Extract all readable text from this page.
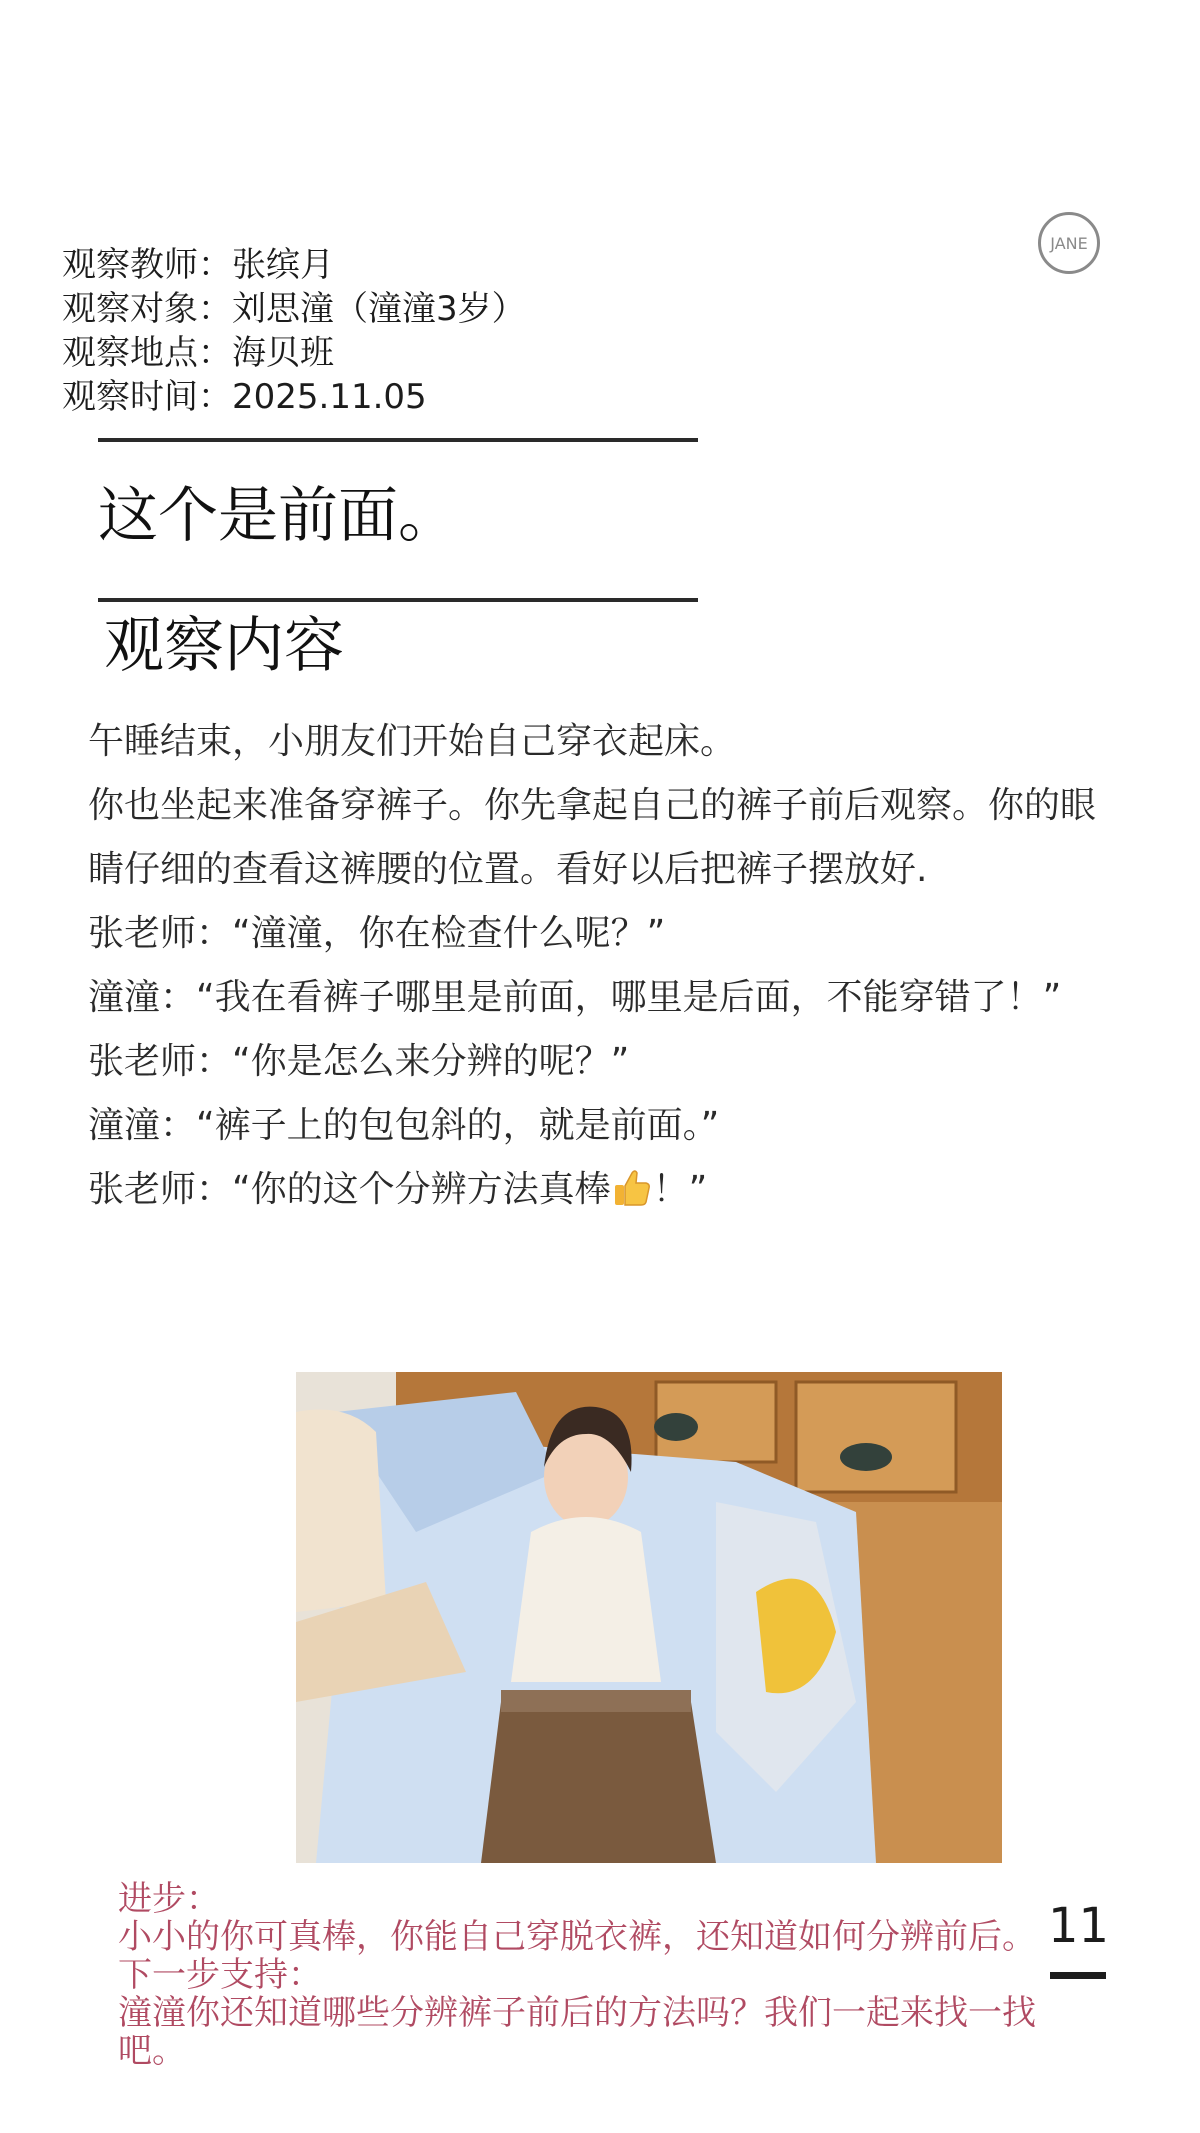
JANE
观察教师：张缤月
观察对象：刘思潼（潼潼3岁）
观察地点：海贝班
观察时间：2025.11.05
这个是前面。
观察内容

午睡结束，小朋友们开始自己穿衣起床。

你也坐起来准备穿裤子。你先拿起自己的裤子前后观察。你的眼睛仔细的查看这裤腰的位置。看好以后把裤子摆放好.

张老师：“潼潼，你在检查什么呢？”

潼潼：“我在看裤子哪里是前面，哪里是后面，不能穿错了！”

张老师：“你是怎么来分辨的呢？”

潼潼：“裤子上的包包斜的，就是前面。”

张老师：“你的这个分辨方法真棒 ！”

进步：

小小的你可真棒，你能自己穿脱衣裤，还知道如何分辨前后。

下一步支持：

潼潼你还知道哪些分辨裤子前后的方法吗？我们一起来找一找吧。

11
